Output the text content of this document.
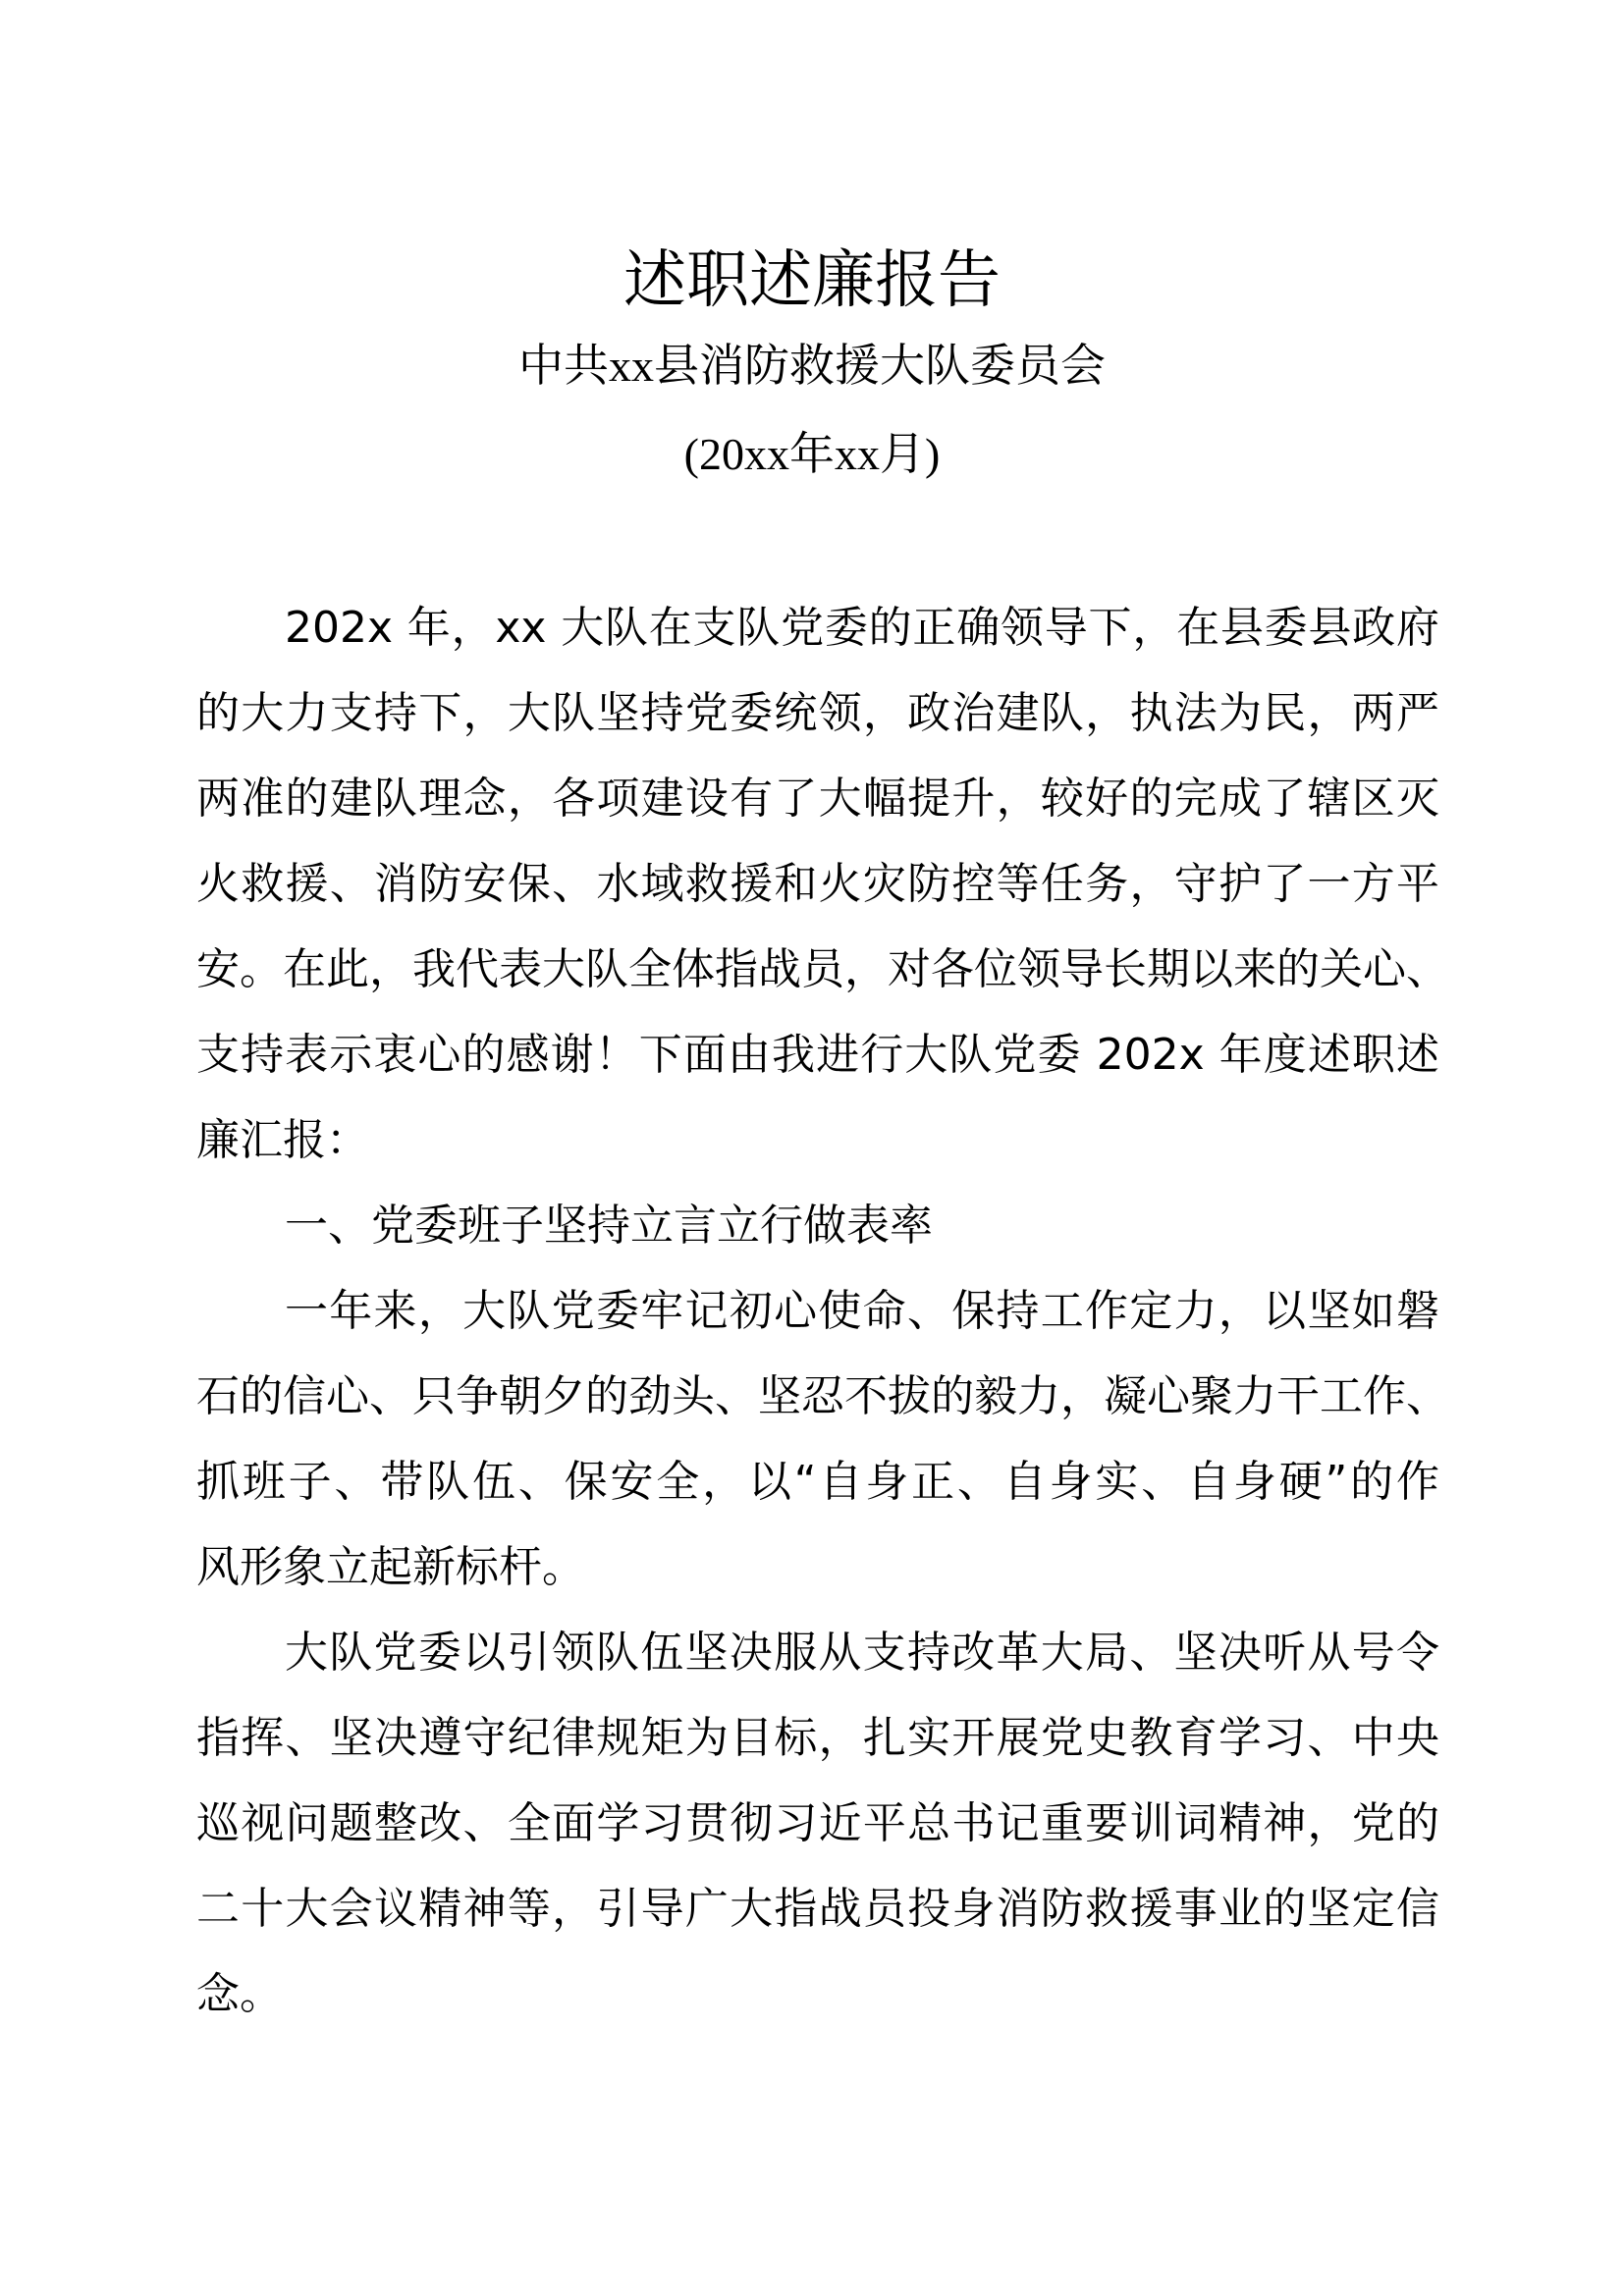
述职述廉报告
中共xx县消防救援大队委员会
(20xx年xx月)
202x 年，xx 大队在支队党委的正确领导下，在县委县政府
的大力支持下，大队坚持党委统领，政治建队，执法为民，两严
两准的建队理念，各项建设有了大幅提升，较好的完成了辖区灭
火救援、消防安保、水域救援和火灾防控等任务，守护了一方平
安。在此，我代表大队全体指战员，对各位领导长期以来的关心、
支持表示衷心的感谢！下面由我进行大队党委 202x 年度述职述
廉汇报：
一、党委班子坚持立言立行做表率
一年来，大队党委牢记初心使命、保持工作定力，以坚如磐
石的信心、只争朝夕的劲头、坚忍不拔的毅力，凝心聚力干工作、
抓班子、带队伍、保安全，以“自身正、自身实、自身硬”的作
风形象立起新标杆。
大队党委以引领队伍坚决服从支持改革大局、坚决听从号令
指挥、坚决遵守纪律规矩为目标，扎实开展党史教育学习、中央
巡视问题整改、全面学习贯彻习近平总书记重要训词精神，党的
二十大会议精神等，引导广大指战员投身消防救援事业的坚定信
念。
